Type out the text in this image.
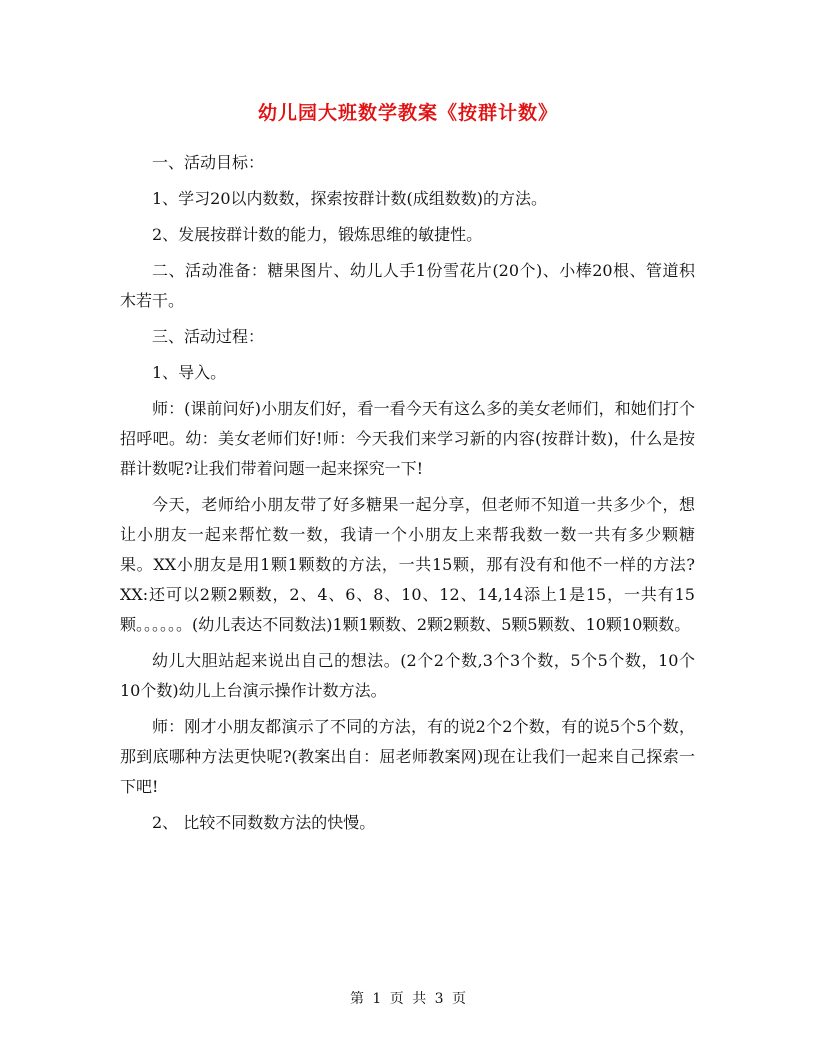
幼儿园大班数学教案《按群计数》

一、活动目标：

1、学习20以内数数，探索按群计数(成组数数)的方法。

2、发展按群计数的能力，锻炼思维的敏捷性。

二、活动准备：糖果图片、幼儿人手1份雪花片(20个)、小棒20根、管道积木若干。

三、活动过程：

1、导入。

师：(课前问好)小朋友们好，看一看今天有这么多的美女老师们，和她们打个招呼吧。幼：美女老师们好!师：今天我们来学习新的内容(按群计数)，什么是按群计数呢?让我们带着问题一起来探究一下!

今天，老师给小朋友带了好多糖果一起分享，但老师不知道一共多少个，想让小朋友一起来帮忙数一数，我请一个小朋友上来帮我数一数一共有多少颗糖果。XX小朋友是用1颗1颗数的方法，一共15颗，那有没有和他不一样的方法?XX:还可以2颗2颗数，2、4、6、8、10、12、14,14添上1是15，一共有15颗。。。。。。(幼儿表达不同数法)1颗1颗数、2颗2颗数、5颗5颗数、10颗10颗数。

幼儿大胆站起来说出自己的想法。(2个2个数,3个3个数，5个5个数，10个10个数)幼儿上台演示操作计数方法。

师：刚才小朋友都演示了不同的方法，有的说2个2个数，有的说5个5个数，那到底哪种方法更快呢?(教案出自：屈老师教案网)现在让我们一起来自己探索一下吧!

2、 比较不同数数方法的快慢。

第 1 页 共 3 页
